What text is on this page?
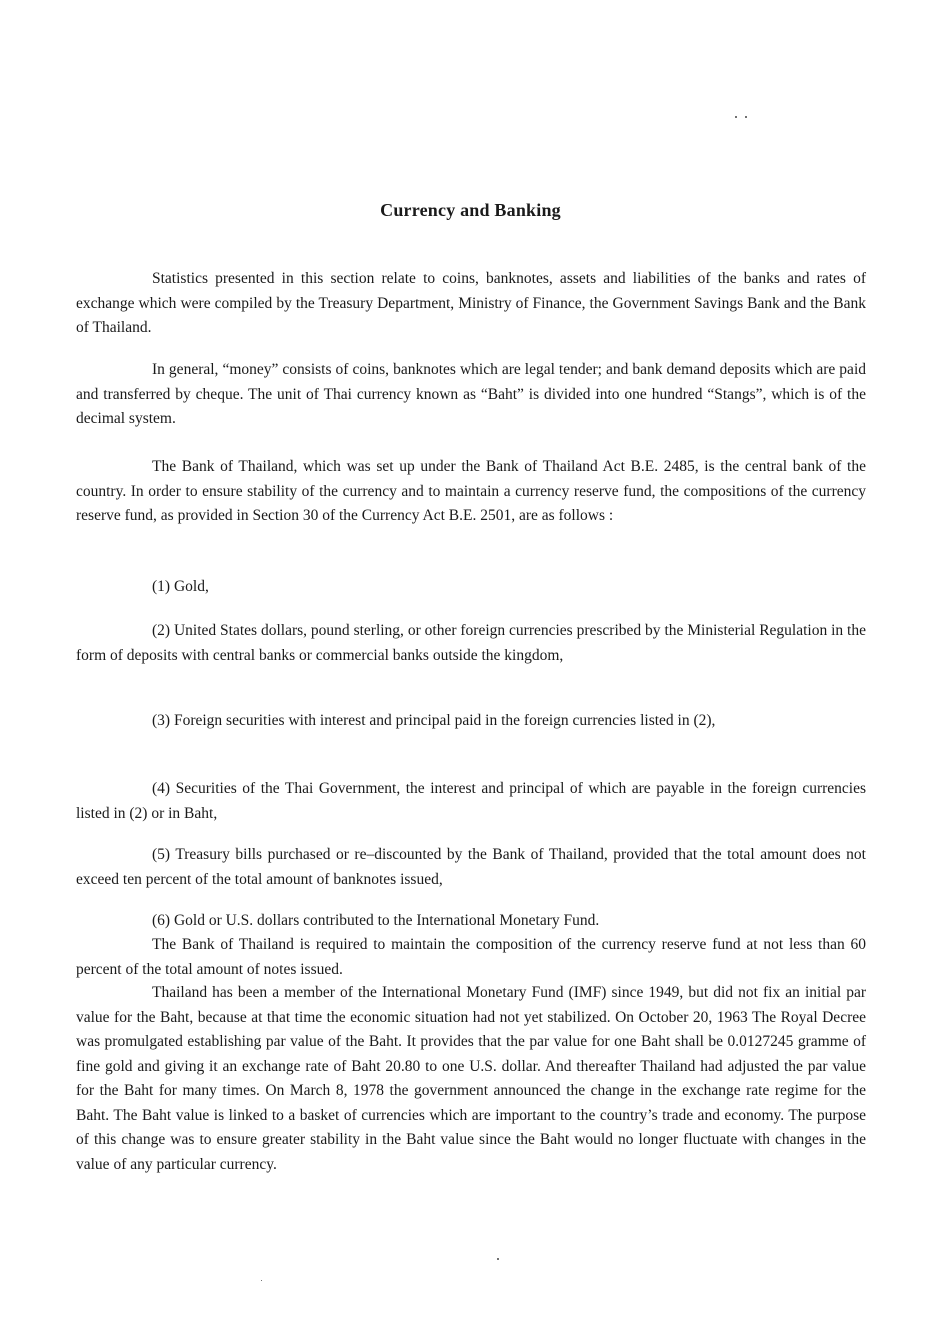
Currency and Banking

Statistics presented in this section relate to coins, banknotes, assets and liabilities of the banks and rates of exchange which were compiled by the Treasury Department, Ministry of Finance, the Government Savings Bank and the Bank of Thailand.

In general, “money” consists of coins, banknotes which are legal tender; and bank demand deposits which are paid and transferred by cheque. The unit of Thai currency known as “Baht” is divided into one hundred “Stangs”, which is of the decimal system.

The Bank of Thailand, which was set up under the Bank of Thailand Act B.E. 2485, is the central bank of the country. In order to ensure stability of the currency and to maintain a currency reserve fund, the compositions of the currency reserve fund, as provided in Section 30 of the Currency Act B.E. 2501, are as follows :

(1) Gold,

(2) United States dollars, pound sterling, or other foreign currencies prescribed by the Ministerial Regulation in the form of deposits with central banks or commercial banks outside the kingdom,

(3) Foreign securities with interest and principal paid in the foreign currencies listed in (2),

(4) Securities of the Thai Government, the interest and principal of which are payable in the foreign currencies listed in (2) or in Baht,

(5) Treasury bills purchased or re–discounted by the Bank of Thailand, provided that the total amount does not exceed ten percent of the total amount of banknotes issued,

(6) Gold or U.S. dollars contributed to the International Monetary Fund.

The Bank of Thailand is required to maintain the composition of the currency reserve fund at not less than 60 percent of the total amount of notes issued.

Thailand has been a member of the International Monetary Fund (IMF) since 1949, but did not fix an initial par value for the Baht, because at that time the economic situation had not yet stabilized. On October 20, 1963 The Royal Decree was promulgated establishing par value of the Baht. It provides that the par value for one Baht shall be 0.0127245 gramme of fine gold and giving it an exchange rate of Baht 20.80 to one U.S. dollar. And thereafter Thailand had adjusted the par value for the Baht for many times. On March 8, 1978 the government announced the change in the exchange rate regime for the Baht. The Baht value is linked to a basket of currencies which are important to the country’s trade and economy. The purpose of this change was to ensure greater stability in the Baht value since the Baht would no longer fluctuate with changes in the value of any particular currency.
